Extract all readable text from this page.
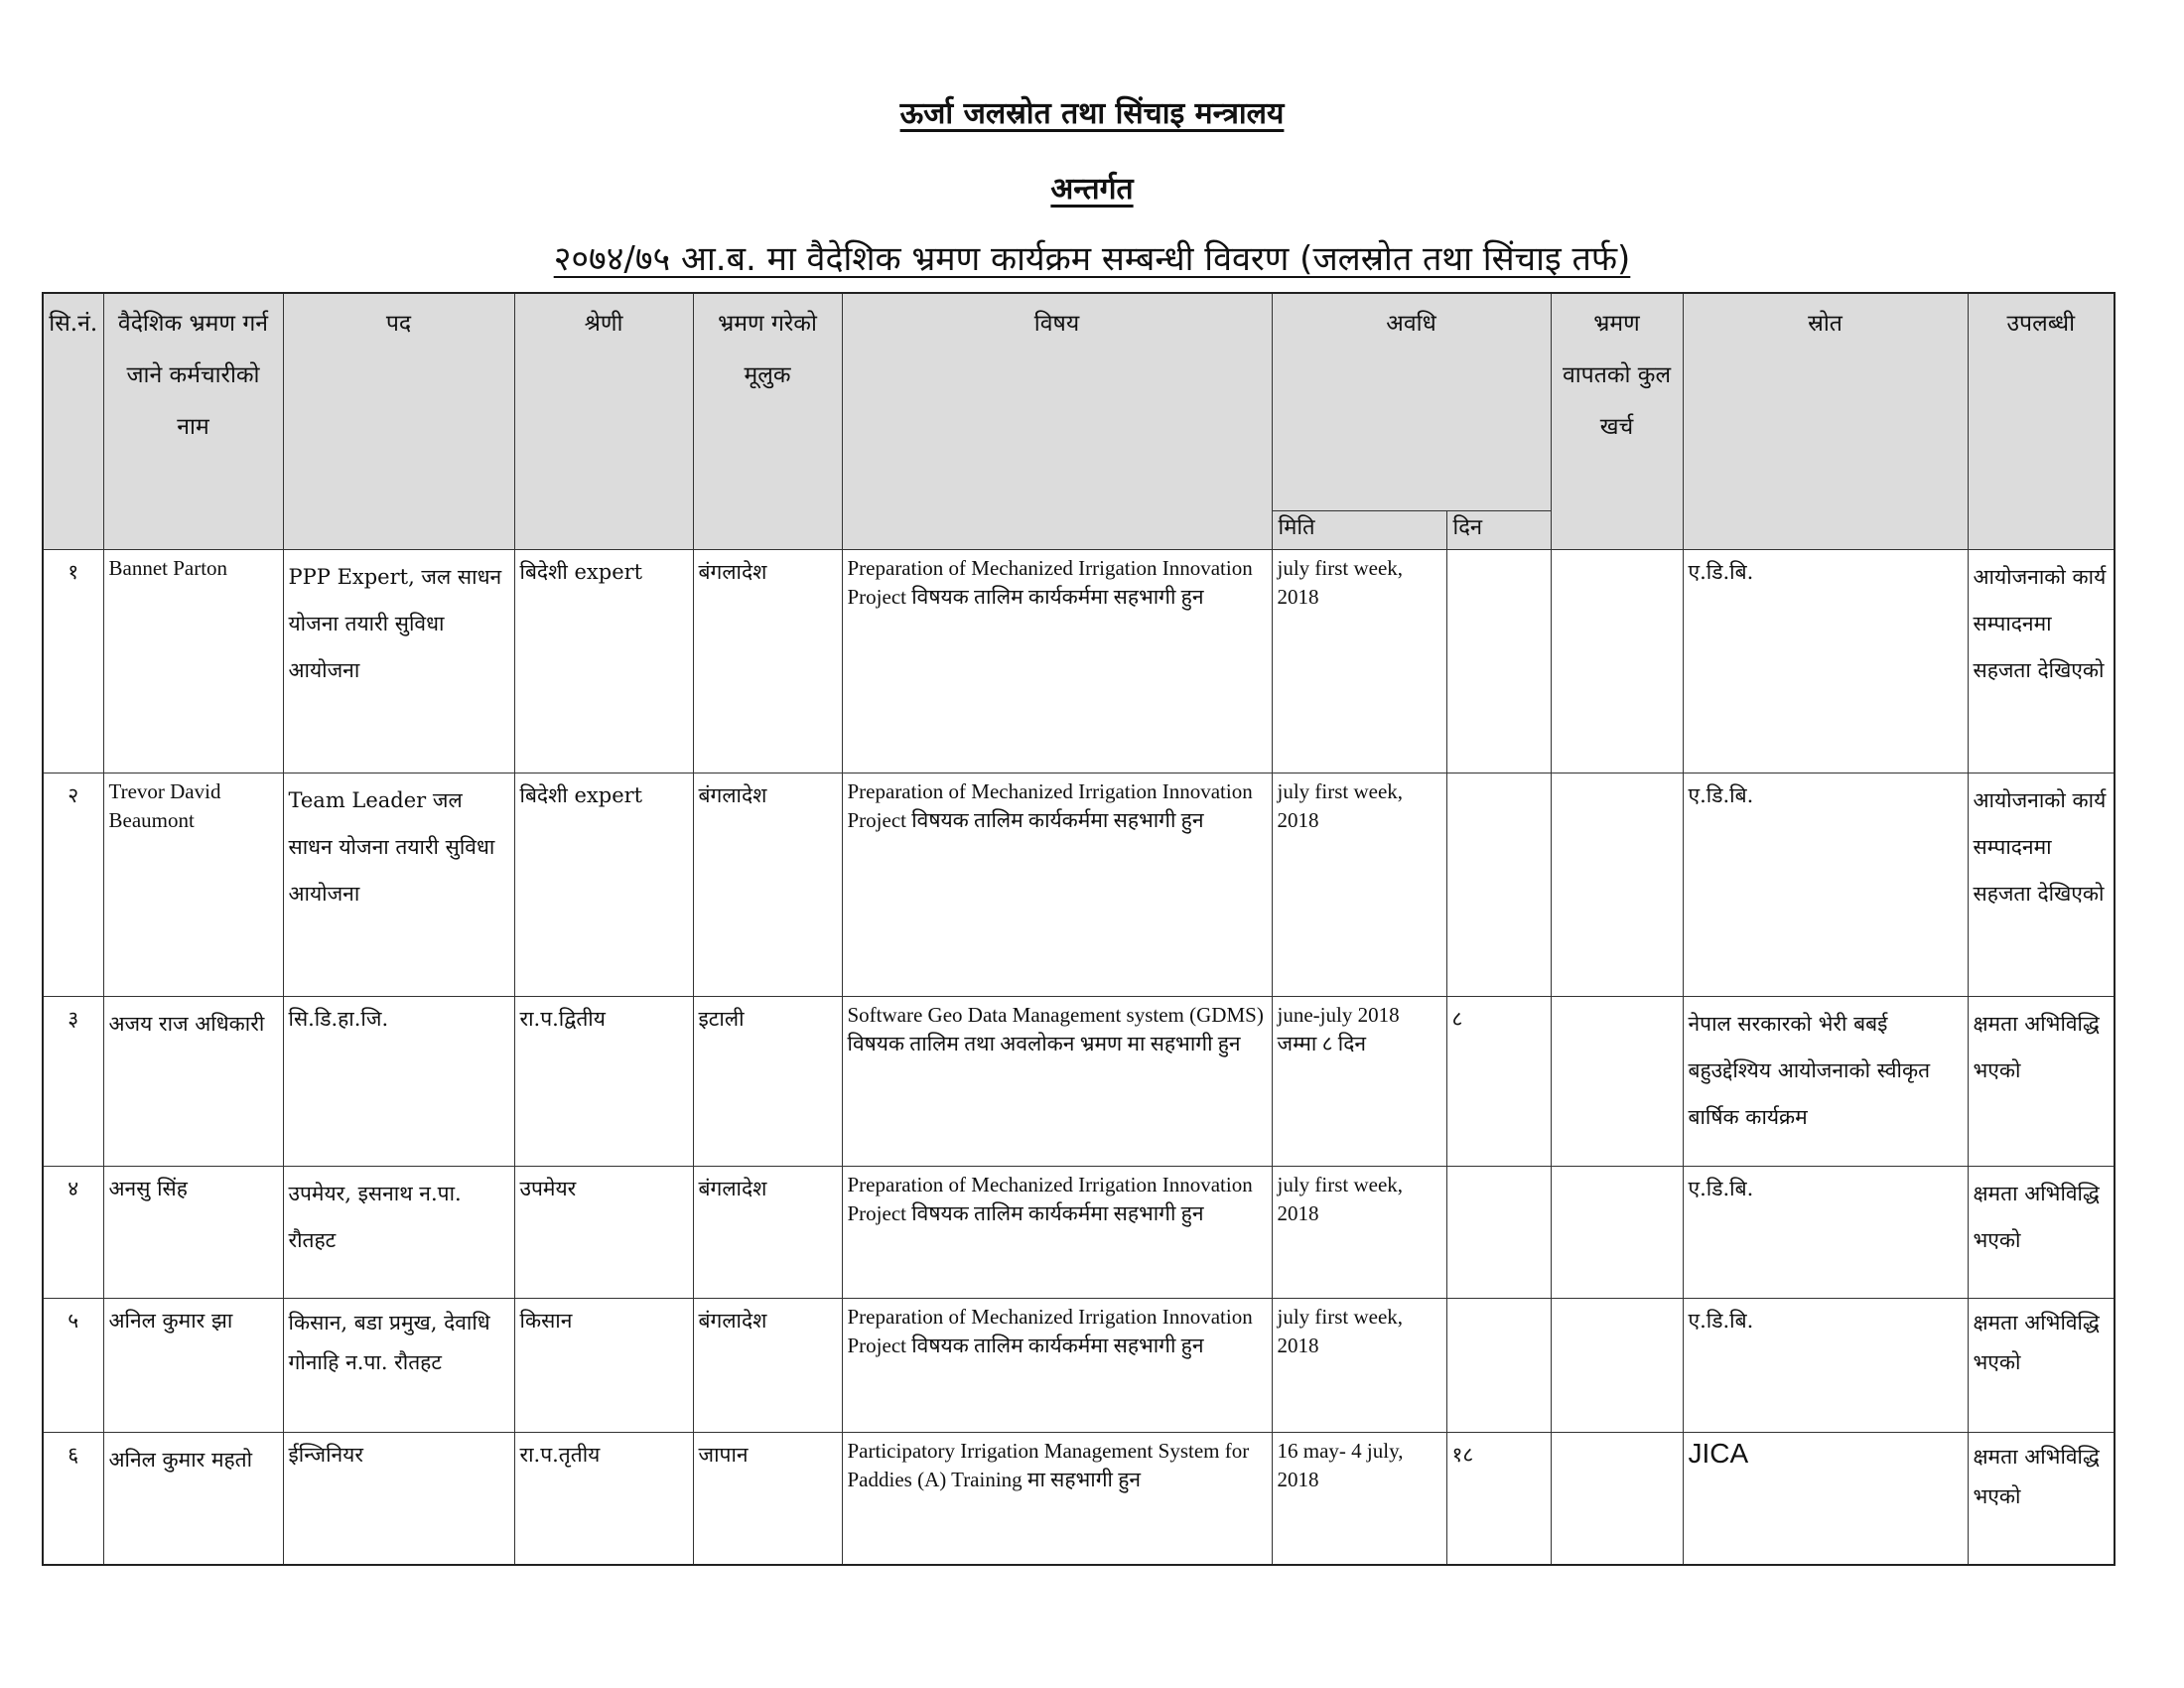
ऊर्जा जलस्रोत तथा सिंचाइ मन्त्रालय
अन्तर्गत
२०७४/७५ आ.ब. मा वैदेशिक भ्रमण कार्यक्रम सम्बन्धी विवरण (जलस्रोत तथा सिंचाइ तर्फ)
सि.नं.	वैदेशिक भ्रमण गर्न जाने कर्मचारीको नाम	पद	श्रेणी	भ्रमण गरेको मूलुक	विषय	अवधि		भ्रमण वापतको कुल खर्च	स्रोत	उपलब्धी
						मिति	दिन			
१	Bannet Parton	PPP Expert, जल साधन योजना तयारी सुविधा आयोजना	बिदेशी expert	बंगलादेश	Preparation of Mechanized Irrigation Innovation Project विषयक तालिम कार्यकर्ममा सहभागी हुन	july first week, 2018			ए.डि.बि.	आयोजनाको कार्य सम्पादनमा सहजता देखिएको
२	Trevor David Beaumont	Team Leader जल साधन योजना तयारी सुविधा आयोजना	बिदेशी expert	बंगलादेश	Preparation of Mechanized Irrigation Innovation Project विषयक तालिम कार्यकर्ममा सहभागी हुन	july first week, 2018			ए.डि.बि.	आयोजनाको कार्य सम्पादनमा सहजता देखिएको
३	अजय राज अधिकारी	सि.डि.हा.जि.	रा.प.द्वितीय	इटाली	Software Geo Data Management system (GDMS) विषयक तालिम तथा अवलोकन भ्रमण मा सहभागी हुन	june-july 2018 जम्मा ८ दिन	८		नेपाल सरकारको भेरी बबई बहुउद्देश्यिय आयोजनाको स्वीकृत बार्षिक कार्यक्रम	क्षमता अभिविद्धि भएको
४	अनसु सिंह	उपमेयर, इसनाथ न.पा. रौतहट	उपमेयर	बंगलादेश	Preparation of Mechanized Irrigation Innovation Project विषयक तालिम कार्यकर्ममा सहभागी हुन	july first week, 2018			ए.डि.बि.	क्षमता अभिविद्धि भएको
५	अनिल कुमार झा	किसान, बडा प्रमुख, देवाधि गोनाहि न.पा. रौतहट	किसान	बंगलादेश	Preparation of Mechanized Irrigation Innovation Project विषयक तालिम कार्यकर्ममा सहभागी हुन	july first week, 2018			ए.डि.बि.	क्षमता अभिविद्धि भएको
६	अनिल कुमार महतो	ईन्जिनियर	रा.प.तृतीय	जापान	Participatory Irrigation Management System for Paddies (A) Training मा सहभागी हुन	16 may- 4 july, 2018	१८		JICA	क्षमता अभिविद्धि भएको
